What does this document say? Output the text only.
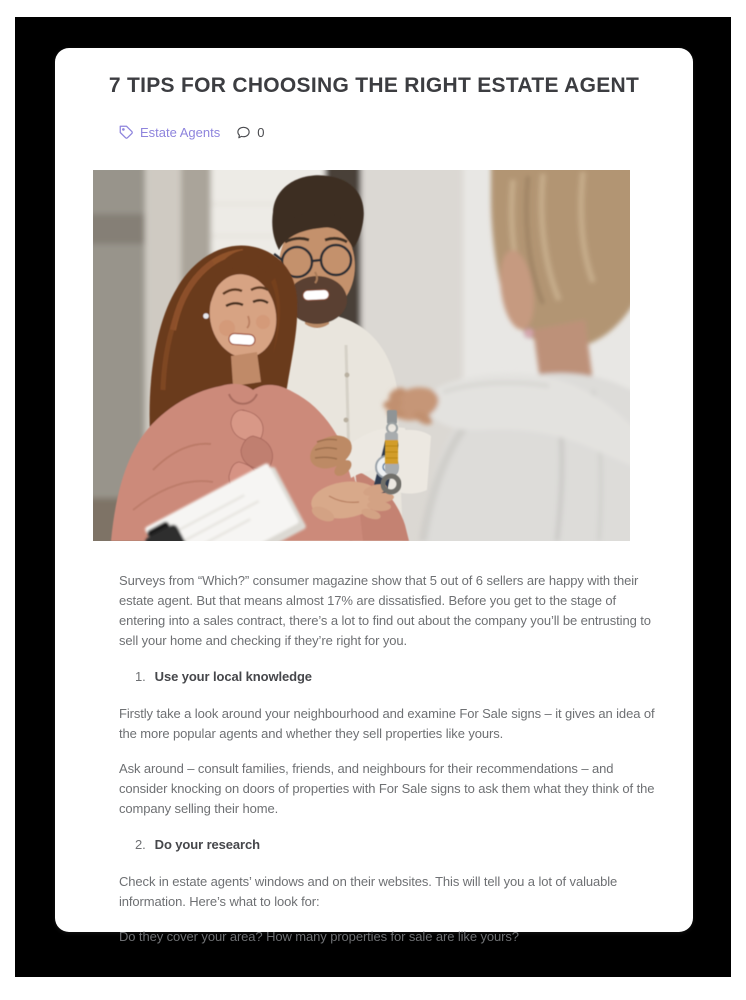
7 TIPS FOR CHOOSING THE RIGHT ESTATE AGENT
Estate Agents	0

Surveys from “Which?” consumer magazine show that 5 out of 6 sellers are happy with their estate agent. But that means almost 17% are dissatisfied. Before you get to the stage of entering into a sales contract, there’s a lot to find out about the company you’ll be entrusting to sell your home and checking if they’re right for you.

1. Use your local knowledge

Firstly take a look around your neighbourhood and examine For Sale signs – it gives an idea of the more popular agents and whether they sell properties like yours.

Ask around – consult families, friends, and neighbours for their recommendations – and consider knocking on doors of properties with For Sale signs to ask them what they think of the company selling their home.

2. Do your research

Check in estate agents’ windows and on their websites. This will tell you a lot of valuable information. Here’s what to look for:

Do they cover your area? How many properties for sale are like yours?
